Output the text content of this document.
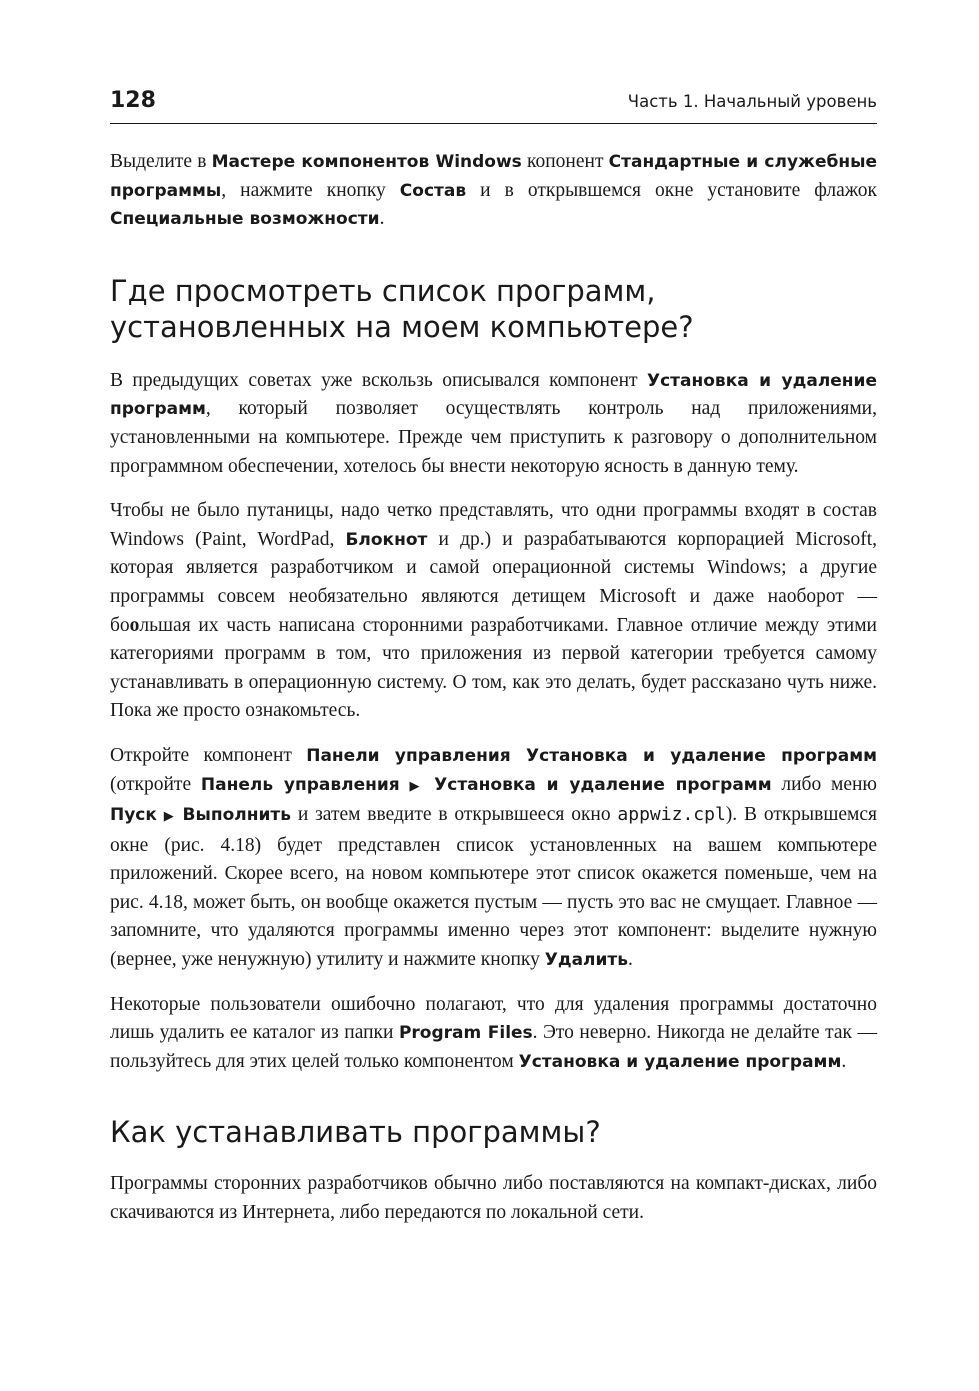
128	Часть 1. Начальный уровень

Выделите в Мастере компонентов Windows копонент Стандартные и служебные программы, нажмите кнопку Состав и в открывшемся окне установите флажок Специальные возможности.

Где просмотреть список программ, установленных на моем компьютере?

В предыдущих советах уже вскользь описывался компонент Установка и удаление программ, который позволяет осуществлять контроль над приложениями, установленными на компьютере. Прежде чем приступить к разговору о дополнительном программном обеспечении, хотелось бы внести некоторую ясность в данную тему.

Чтобы не было путаницы, надо четко представлять, что одни программы входят в состав Windows (Paint, WordPad, Блокнот и др.) и разрабатываются корпорацией Microsoft, которая является разработчиком и самой операционной системы Windows; а другие программы совсем необязательно являются детищем Microsoft и даже наоборот — боольшая их часть написана сторонними разработчиками. Главное отличие между этими категориями программ в том, что приложения из первой категории требуется самому устанавливать в операционную систему. О том, как это делать, будет рассказано чуть ниже. Пока же просто ознакомьтесь.

Откройте компонент Панели управления Установка и удаление программ (откройте Панель управления ▶ Установка и удаление программ либо меню Пуск ▶ Выполнить и затем введите в открывшееся окно appwiz.cpl). В открывшемся окне (рис. 4.18) будет представлен список установленных на вашем компьютере приложений. Скорее всего, на новом компьютере этот список окажется поменьше, чем на рис. 4.18, может быть, он вообще окажется пустым — пусть это вас не смущает. Главное — запомните, что удаляются программы именно через этот компонент: выделите нужную (вернее, уже ненужную) утилиту и нажмите кнопку Удалить.

Некоторые пользователи ошибочно полагают, что для удаления программы достаточно лишь удалить ее каталог из папки Program Files. Это неверно. Никогда не делайте так — пользуйтесь для этих целей только компонентом Установка и удаление программ.

Как устанавливать программы?

Программы сторонних разработчиков обычно либо поставляются на компакт-дисках, либо скачиваются из Интернета, либо передаются по локальной сети.
